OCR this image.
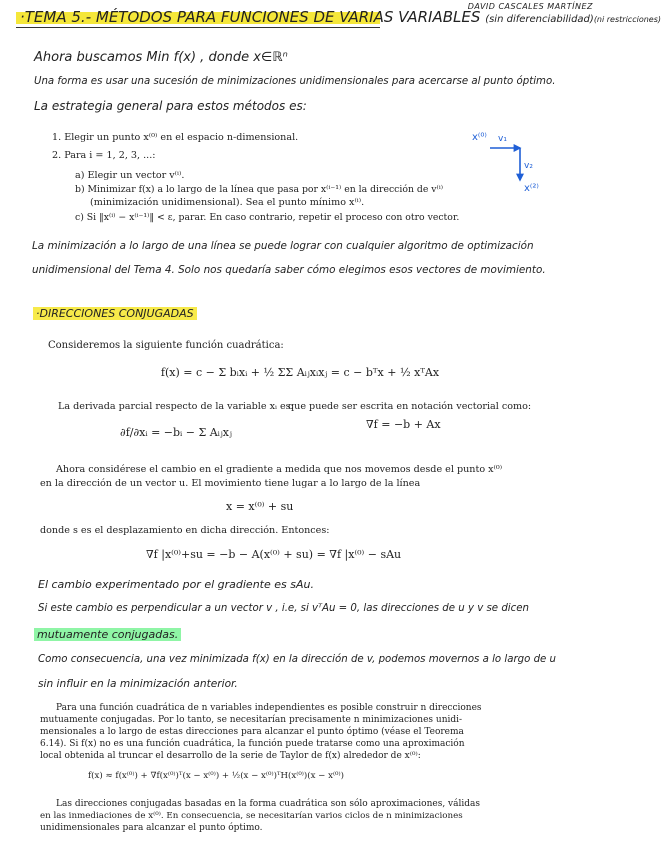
DAVID CASCALES MARTÍNEZ
·TEMA 5.- MÉTODOS PARA FUNCIONES DE VARIAS VARIABLES (sin diferenciabilidad)(ni restricciones)
Ahora buscamos Min f(x) , donde x∈ℝⁿ
Una forma es usar una sucesión de minimizaciones unidimensionales para acercarse al punto óptimo.
La estrategia general para estos métodos es:
1. Elegir un punto x⁽⁰⁾ en el espacio n-dimensional.
2. Para i = 1, 2, 3, ...:
a) Elegir un vector v⁽ⁱ⁾.
b) Minimizar f(x) a lo largo de la línea que pasa por x⁽ⁱ⁻¹⁾ en la dirección de v⁽ⁱ⁾
(minimización unidimensional). Sea el punto mínimo x⁽ⁱ⁾.
c) Si ‖x⁽ⁱ⁾ − x⁽ⁱ⁻¹⁾‖ < ε, parar. En caso contrario, repetir el proceso con otro vector.
x⁽⁰⁾ v₁
v₂
x⁽²⁾
La minimización a lo largo de una línea se puede lograr con cualquier algoritmo de optimización
unidimensional del Tema 4. Solo nos quedaría saber cómo elegimos esos vectores de movimiento.
·DIRECCIONES CONJUGADAS
Consideremos la siguiente función cuadrática:
f(x) = c − Σ bᵢxᵢ + ½ ΣΣ Aᵢⱼxᵢxⱼ = c − bᵀx + ½ xᵀAx
La derivada parcial respecto de la variable xᵢ es:
que puede ser escrita en notación vectorial como:
∂f/∂xᵢ = −bᵢ − Σ Aᵢⱼxⱼ
∇f = −b + Ax
Ahora considérese el cambio en el gradiente a medida que nos movemos desde el punto x⁽⁰⁾
en la dirección de un vector u. El movimiento tiene lugar a lo largo de la línea
x = x⁽⁰⁾ + su
donde s es el desplazamiento en dicha dirección. Entonces:
∇f |x⁽⁰⁾+su = −b − A(x⁽⁰⁾ + su) = ∇f |x⁽⁰⁾ − sAu
El cambio experimentado por el gradiente es sAu.
Si este cambio es perpendicular a un vector v , i.e, si vᵀAu = 0, las direcciones de u y v se dicen
mutuamente conjugadas.
Como consecuencia, una vez minimizada f(x) en la dirección de v, podemos movernos a lo largo de u
sin influir en la minimización anterior.
Para una función cuadrática de n variables independientes es posible construir n direcciones
mutuamente conjugadas. Por lo tanto, se necesitarían precisamente n minimizaciones unidi-
mensionales a lo largo de estas direcciones para alcanzar el punto óptimo (véase el Teorema
6.14). Si f(x) no es una función cuadrática, la función puede tratarse como una aproximación
local obtenida al truncar el desarrollo de la serie de Taylor de f(x) alrededor de x⁽⁰⁾:
f(x) ≈ f(x⁽⁰⁾) + ∇f(x⁽⁰⁾)ᵀ(x − x⁽⁰⁾) + ½(x − x⁽⁰⁾)ᵀH(x⁽⁰⁾)(x − x⁽⁰⁾)
Las direcciones conjugadas basadas en la forma cuadrática son sólo aproximaciones, válidas
en las inmediaciones de x⁽⁰⁾. En consecuencia, se necesitarían varios ciclos de n minimizaciones
unidimensionales para alcanzar el punto óptimo.
